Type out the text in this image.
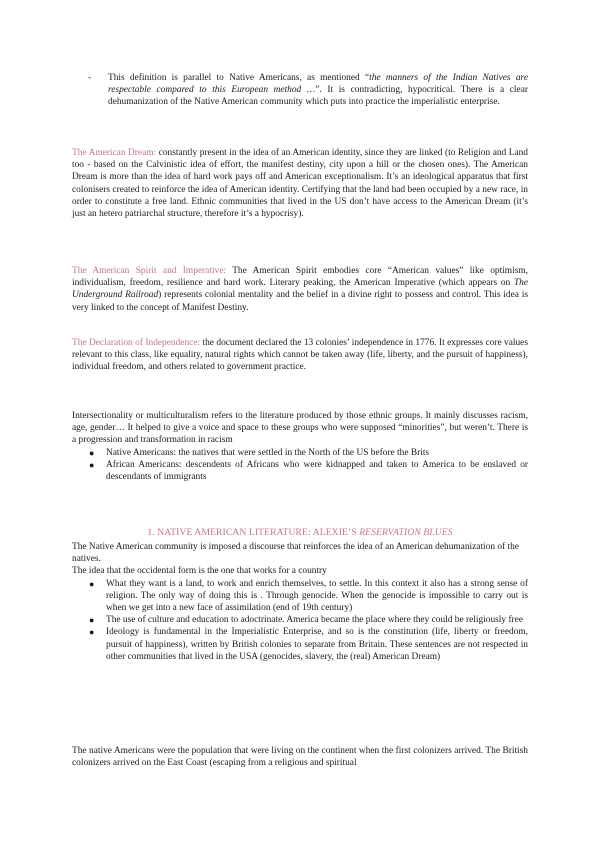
- This definition is parallel to Native Americans, as mentioned “the manners of the Indian Natives are respectable compared to this European method …”. It is contradicting, hypocritical. There is a clear dehumanization of the Native American community which puts into practice the imperialistic enterprise.

The American Dream: constantly present in the idea of an American identity, since they are linked (to Religion and Land too - based on the Calvinistic idea of effort, the manifest destiny, city upon a hill or the chosen ones). The American Dream is more than the idea of hard work pays off and American exceptionalism. It’s an ideological apparatus that first colonisers created to reinforce the idea of American identity. Certifying that the land had been occupied by a new race, in order to constitute a free land. Ethnic communities that lived in the US don’t have access to the American Dream (it’s just an hetero patriarchal structure, therefore it’s a hypocrisy).

The American Spirit and Imperative: The American Spirit embodies core “American values” like optimism, individualism, freedom, resilience and hard work. Literary peaking, the American Imperative (which appears on The Underground Railroad) represents colonial mentality and the belief in a divine right to possess and control. This idea is very linked to the concept of Manifest Destiny.

The Declaration of Independence: the document declared the 13 colonies’ independence in 1776. It expresses core values relevant to this class, like equality, natural rights which cannot be taken away (life, liberty, and the pursuit of happiness), individual freedom, and others related to government practice.

Intersectionality or multiculturalism refers to the literature produced by those ethnic groups. It mainly discusses racism, age, gender… It helped to give a voice and space to these groups who were supposed “minorities”, but weren’t. There is a progression and transformation in racism

● Native Americans: the natives that were settled in the North of the US before the Brits
● African Americans: descendents of Africans who were kidnapped and taken to America to be enslaved or descendants of immigrants
1. NATIVE AMERICAN LITERATURE: ALEXIE’S RESERVATION BLUES

The Native American community is imposed a discourse that reinforces the idea of an American dehumanization of the natives.

The idea that the occidental form is the one that works for a country

● What they want is a land, to work and enrich themselves, to settle. In this context it also has a strong sense of religion. The only way of doing this is . Through genocide. When the genocide is impossible to carry out is when we get into a new face of assimilation (end of 19th century)
● The use of culture and education to adoctrinate. America became the place where they could be religiously free
● Ideology is fundamental in the Imperialistic Enterprise, and so is the constitution (life, liberty or freedom, pursuit of happiness), written by British colonies to separate from Britain. These sentences are not respected in other communities that lived in the USA (genocides, slavery, the (real) American Dream)

The native Americans were the population that were living on the continent when the first colonizers arrived. The British colonizers arrived on the East Coast (escaping from a religious and spiritual
